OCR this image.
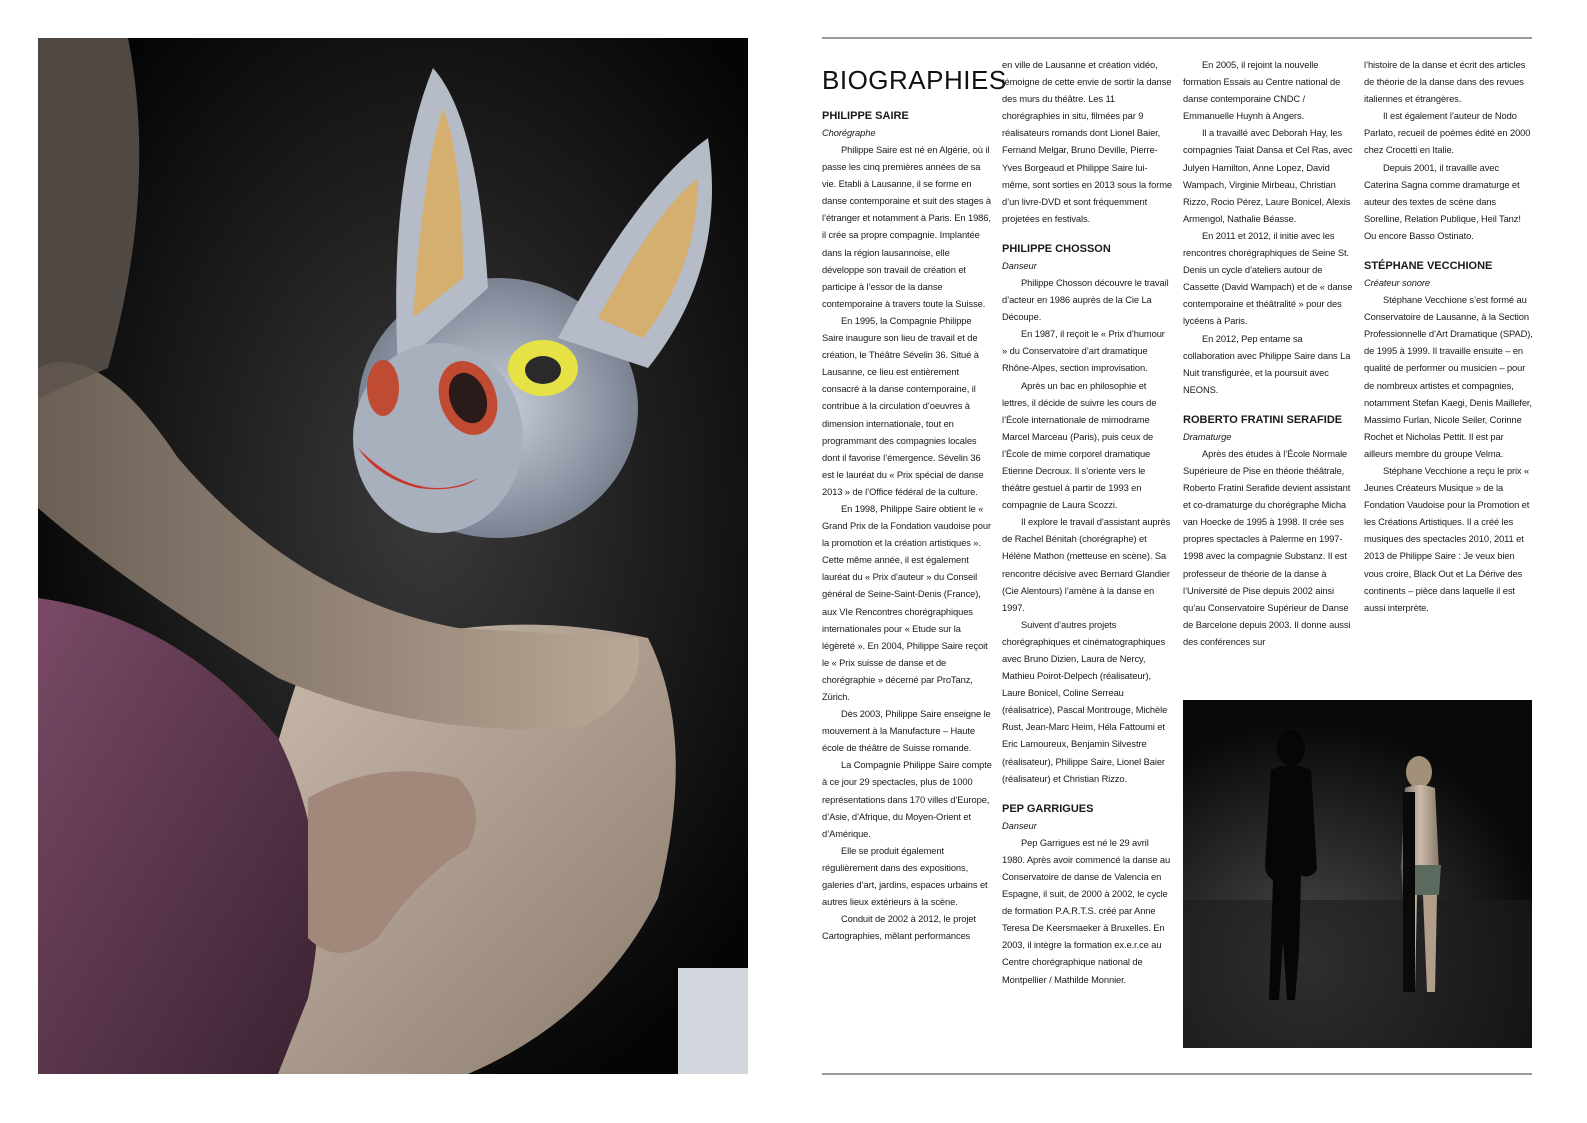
BIOGRAPHIES
PHILIPPE SAIRE
Chorégraphe

Philippe Saire est né en Algérie, où il passe les cinq premières années de sa vie. Etabli à Lausanne, il se forme en danse contemporaine et suit des stages à l’étranger et notamment à Paris. En 1986, il crée sa propre compagnie. Implantée dans la région lausannoise, elle développe son travail de création et participe à l’essor de la danse contemporaine à travers toute la Suisse.

En 1995, la Compagnie Philippe Saire inaugure son lieu de travail et de création, le Théâtre Sévelin 36. Situé à Lausanne, ce lieu est entièrement consacré à la danse contemporaine, il contribue à la circulation d’oeuvres à dimension internationale, tout en programmant des compagnies locales dont il favorise l’émergence. Sévelin 36 est le lauréat du « Prix spécial de danse 2013 » de l’Office fédéral de la culture.

En 1998, Philippe Saire obtient le « Grand Prix de la Fondation vaudoise pour la promotion et la création artistiques ». Cette même année, il est également lauréat du « Prix d’auteur » du Conseil général de Seine-Saint-Denis (France), aux VIe Rencontres chorégraphiques internationales pour « Etude sur la légèreté ». En 2004, Philippe Saire reçoit le « Prix suisse de danse et de chorégraphie » décerné par ProTanz, Zürich.

Dès 2003, Philippe Saire enseigne le mouvement à la Manufacture – Haute école de théâtre de Suisse romande.

La Compagnie Philippe Saire compte à ce jour 29 spectacles, plus de 1000 représentations dans 170 villes d’Europe, d’Asie, d’Afrique, du Moyen-Orient et d’Amérique.

Elle se produit également régulièrement dans des expositions, galeries d’art, jardins, espaces urbains et autres lieux extérieurs à la scène.

Conduit de 2002 à 2012, le projet Cartographies, mêlant performances

en ville de Lausanne et création vidéo, témoigne de cette envie de sortir la danse des murs du théâtre. Les 11 chorégraphies in situ, filmées par 9 réalisateurs romands dont Lionel Baier, Fernand Melgar, Bruno Deville, Pierre-Yves Borgeaud et Philippe Saire lui-même, sont sorties en 2013 sous la forme d’un livre-DVD et sont fréquemment projetées en festivals.

PHILIPPE CHOSSON
Danseur

Philippe Chosson découvre le travail d’acteur en 1986 auprès de la Cie La Découpe.

En 1987, il reçoit le « Prix d’humour » du Conservatoire d’art dramatique Rhône-Alpes, section improvisation.

Après un bac en philosophie et lettres, il décide de suivre les cours de l’École internationale de mimodrame Marcel Marceau (Paris), puis ceux de l’École de mime corporel dramatique Etienne Decroux. Il s’oriente vers le théâtre gestuel à partir de 1993 en compagnie de Laura Scozzi.

Il explore le travail d’assistant auprès de Rachel Bénitah (chorégraphe) et Hélène Mathon (metteuse en scène). Sa rencontre décisive avec Bernard Glandier (Cie Alentours) l’amène à la danse en 1997.

Suivent d’autres projets chorégraphiques et cinématographiques avec Bruno Dizien, Laura de Nercy, Mathieu Poirot-Delpech (réalisateur), Laure Bonicel, Coline Serreau (réalisatrice), Pascal Montrouge, Michèle Rust, Jean-Marc Heim, Héla Fattoumi et Eric Lamoureux, Benjamin Silvestre (réalisateur), Philippe Saire, Lionel Baier (réalisateur) et Christian Rizzo.

PEP GARRIGUES
Danseur

Pep Garrigues est né le 29 avril 1980. Après avoir commencé la danse au Conservatoire de danse de Valencia en Espagne, il suit, de 2000 à 2002, le cycle de formation P.A.R.T.S. créé par Anne Teresa De Keersmaeker à Bruxelles. En 2003, il intègre la formation ex.e.r.ce au Centre chorégraphique national de Montpellier / Mathilde Monnier.

En 2005, il rejoint la nouvelle formation Essais au Centre national de danse contemporaine CNDC / Emmanuelle Huynh à Angers.

Il a travaillé avec Deborah Hay, les compagnies Taiat Dansa et Cel Ras, avec Julyen Hamilton, Anne Lopez, David Wampach, Virginie Mirbeau, Christian Rizzo, Rocio Pérez, Laure Bonicel, Alexis Armengol, Nathalie Béasse.

En 2011 et 2012, il initie avec les rencontres chorégraphiques de Seine St. Denis un cycle d’ateliers autour de Cassette (David Wampach) et de « danse contemporaine et théâtralité » pour des lycéens à Paris.

En 2012, Pep entame sa collaboration avec Philippe Saire dans La Nuit transfigurée, et la poursuit avec NEONS.

ROBERTO FRATINI SERAFIDE
Dramaturge

Après des études à l’École Normale Supérieure de Pise en théorie théâtrale, Roberto Fratini Serafide devient assistant et co-dramaturge du chorégraphe Micha van Hoecke de 1995 à 1998. Il crée ses propres spectacles à Palerme en 1997-1998 avec la compagnie Substanz. Il est professeur de théorie de la danse à l’Université de Pise depuis 2002 ainsi qu’au Conservatoire Supérieur de Danse de Barcelone depuis 2003. Il donne aussi des conférences sur

l’histoire de la danse et écrit des articles de théorie de la danse dans des revues italiennes et étrangères.

Il est également l’auteur de Nodo Parlato, recueil de poèmes édité en 2000 chez Crocetti en Italie.

Depuis 2001, il travaille avec Caterina Sagna comme dramaturge et auteur des textes de scène dans Sorelline, Relation Publique, Heil Tanz! Ou encore Basso Ostinato.

STÉPHANE VECCHIONE
Créateur sonore

Stéphane Vecchione s’est formé au Conservatoire de Lausanne, à la Section Professionnelle d’Art Dramatique (SPAD), de 1995 à 1999. Il travaille ensuite – en qualité de performer ou musicien – pour de nombreux artistes et compagnies, notamment Stefan Kaegi, Denis Maillefer, Massimo Furlan, Nicole Seiler, Corinne Rochet et Nicholas Pettit. Il est par ailleurs membre du groupe Velma.

Stéphane Vecchione a reçu le prix « Jeunes Créateurs Musique » de la Fondation Vaudoise pour la Promotion et les Créations Artistiques. Il a créé les musiques des spectacles 2010, 2011 et 2013 de Philippe Saire : Je veux bien vous croire, Black Out et La Dérive des continents – pièce dans laquelle il est aussi interprète.
